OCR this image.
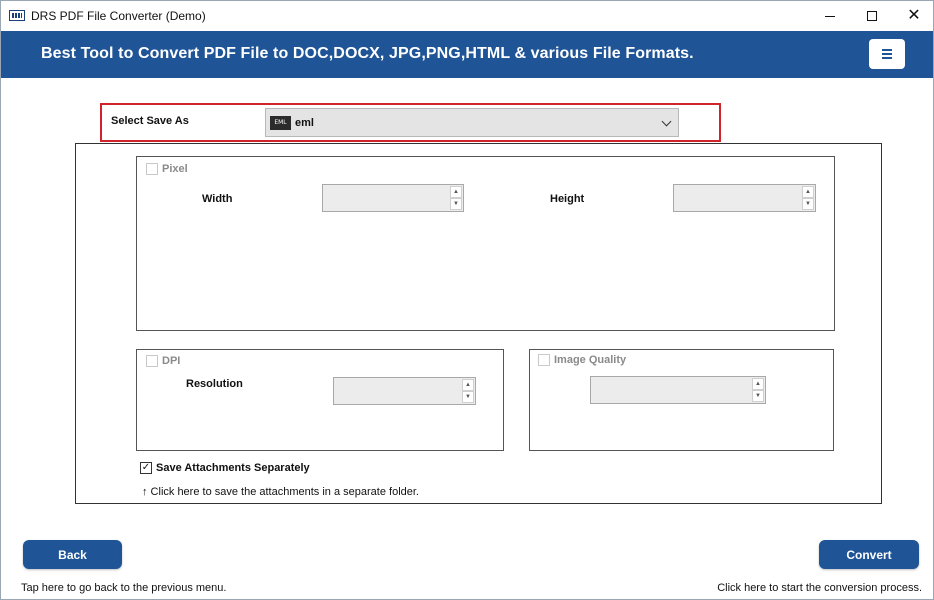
DRS PDF File Converter (Demo)	✕
Best Tool to Convert PDF File to DOC,DOCX, JPG,PNG,HTML & various File Formats.
Select Save As	EML eml
Pixel
Width
▲
▼	Height
▲
▼
DPI
Resolution	▲
▼
Image Quality
▲
▼
✓ Save Attachments Separately
↑ Click here to save the attachments in a separate folder.
Back	Convert
Tap here to go back to the previous menu.	Click here to start the conversion process.
